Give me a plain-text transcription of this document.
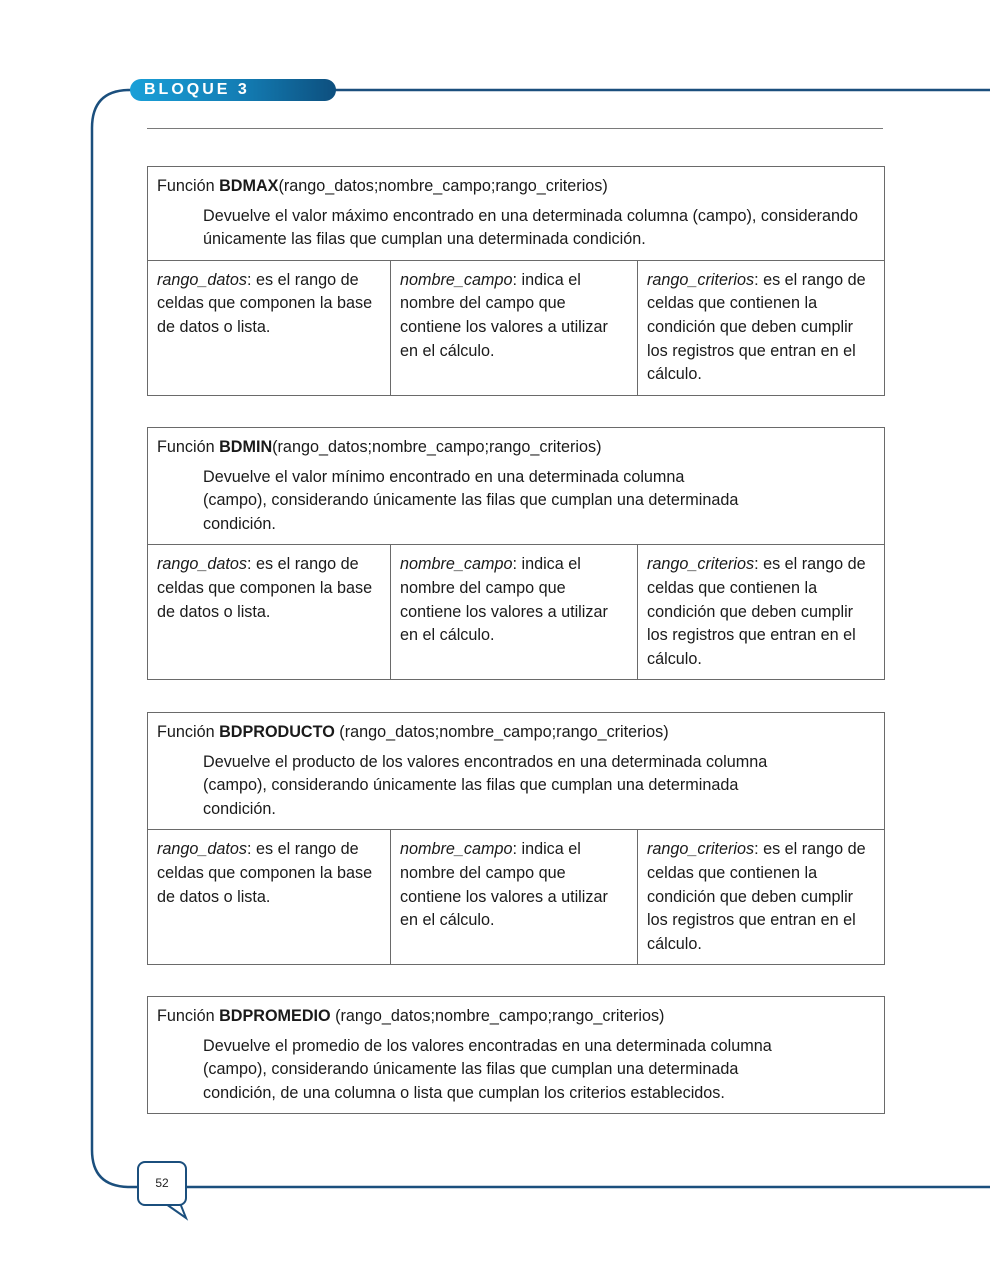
BLOQUE 3
Función BDMAX(rango_datos;nombre_campo;rango_criterios)
Devuelve el valor máximo encontrado en una determinada columna (campo), considerando únicamente las filas que cumplan una determinada condición.

rango_datos: es el rango de celdas que componen la base de datos o lista.	nombre_campo: indica el nombre del campo que contiene los valores a utilizar en el cálculo.	rango_criterios: es el rango de celdas que contienen la condición que deben cumplir los registros que entran en el cálculo.
Función BDMIN(rango_datos;nombre_campo;rango_criterios)
Devuelve el valor mínimo encontrado en una determinada columna (campo), considerando únicamente las filas que cumplan una determinada condición.

rango_datos: es el rango de celdas que componen la base de datos o lista.	nombre_campo: indica el nombre del campo que contiene los valores a utilizar en el cálculo.	rango_criterios: es el rango de celdas que contienen la condición que deben cumplir los registros que entran en el cálculo.
Función BDPRODUCTO (rango_datos;nombre_campo;rango_criterios)
Devuelve el producto de los valores encontrados en una determinada columna (campo), considerando únicamente las filas que cumplan una determinada condición.

rango_datos: es el rango de celdas que componen la base de datos o lista.	nombre_campo: indica el nombre del campo que contiene los valores a utilizar en el cálculo.	rango_criterios: es el rango de celdas que contienen la condición que deben cumplir los registros que entran en el cálculo.
Función BDPROMEDIO (rango_datos;nombre_campo;rango_criterios)
Devuelve el promedio de los valores encontradas en una determinada columna (campo), considerando únicamente las filas que cumplan una determinada condición, de una columna o lista que cumplan los criterios establecidos.
52
